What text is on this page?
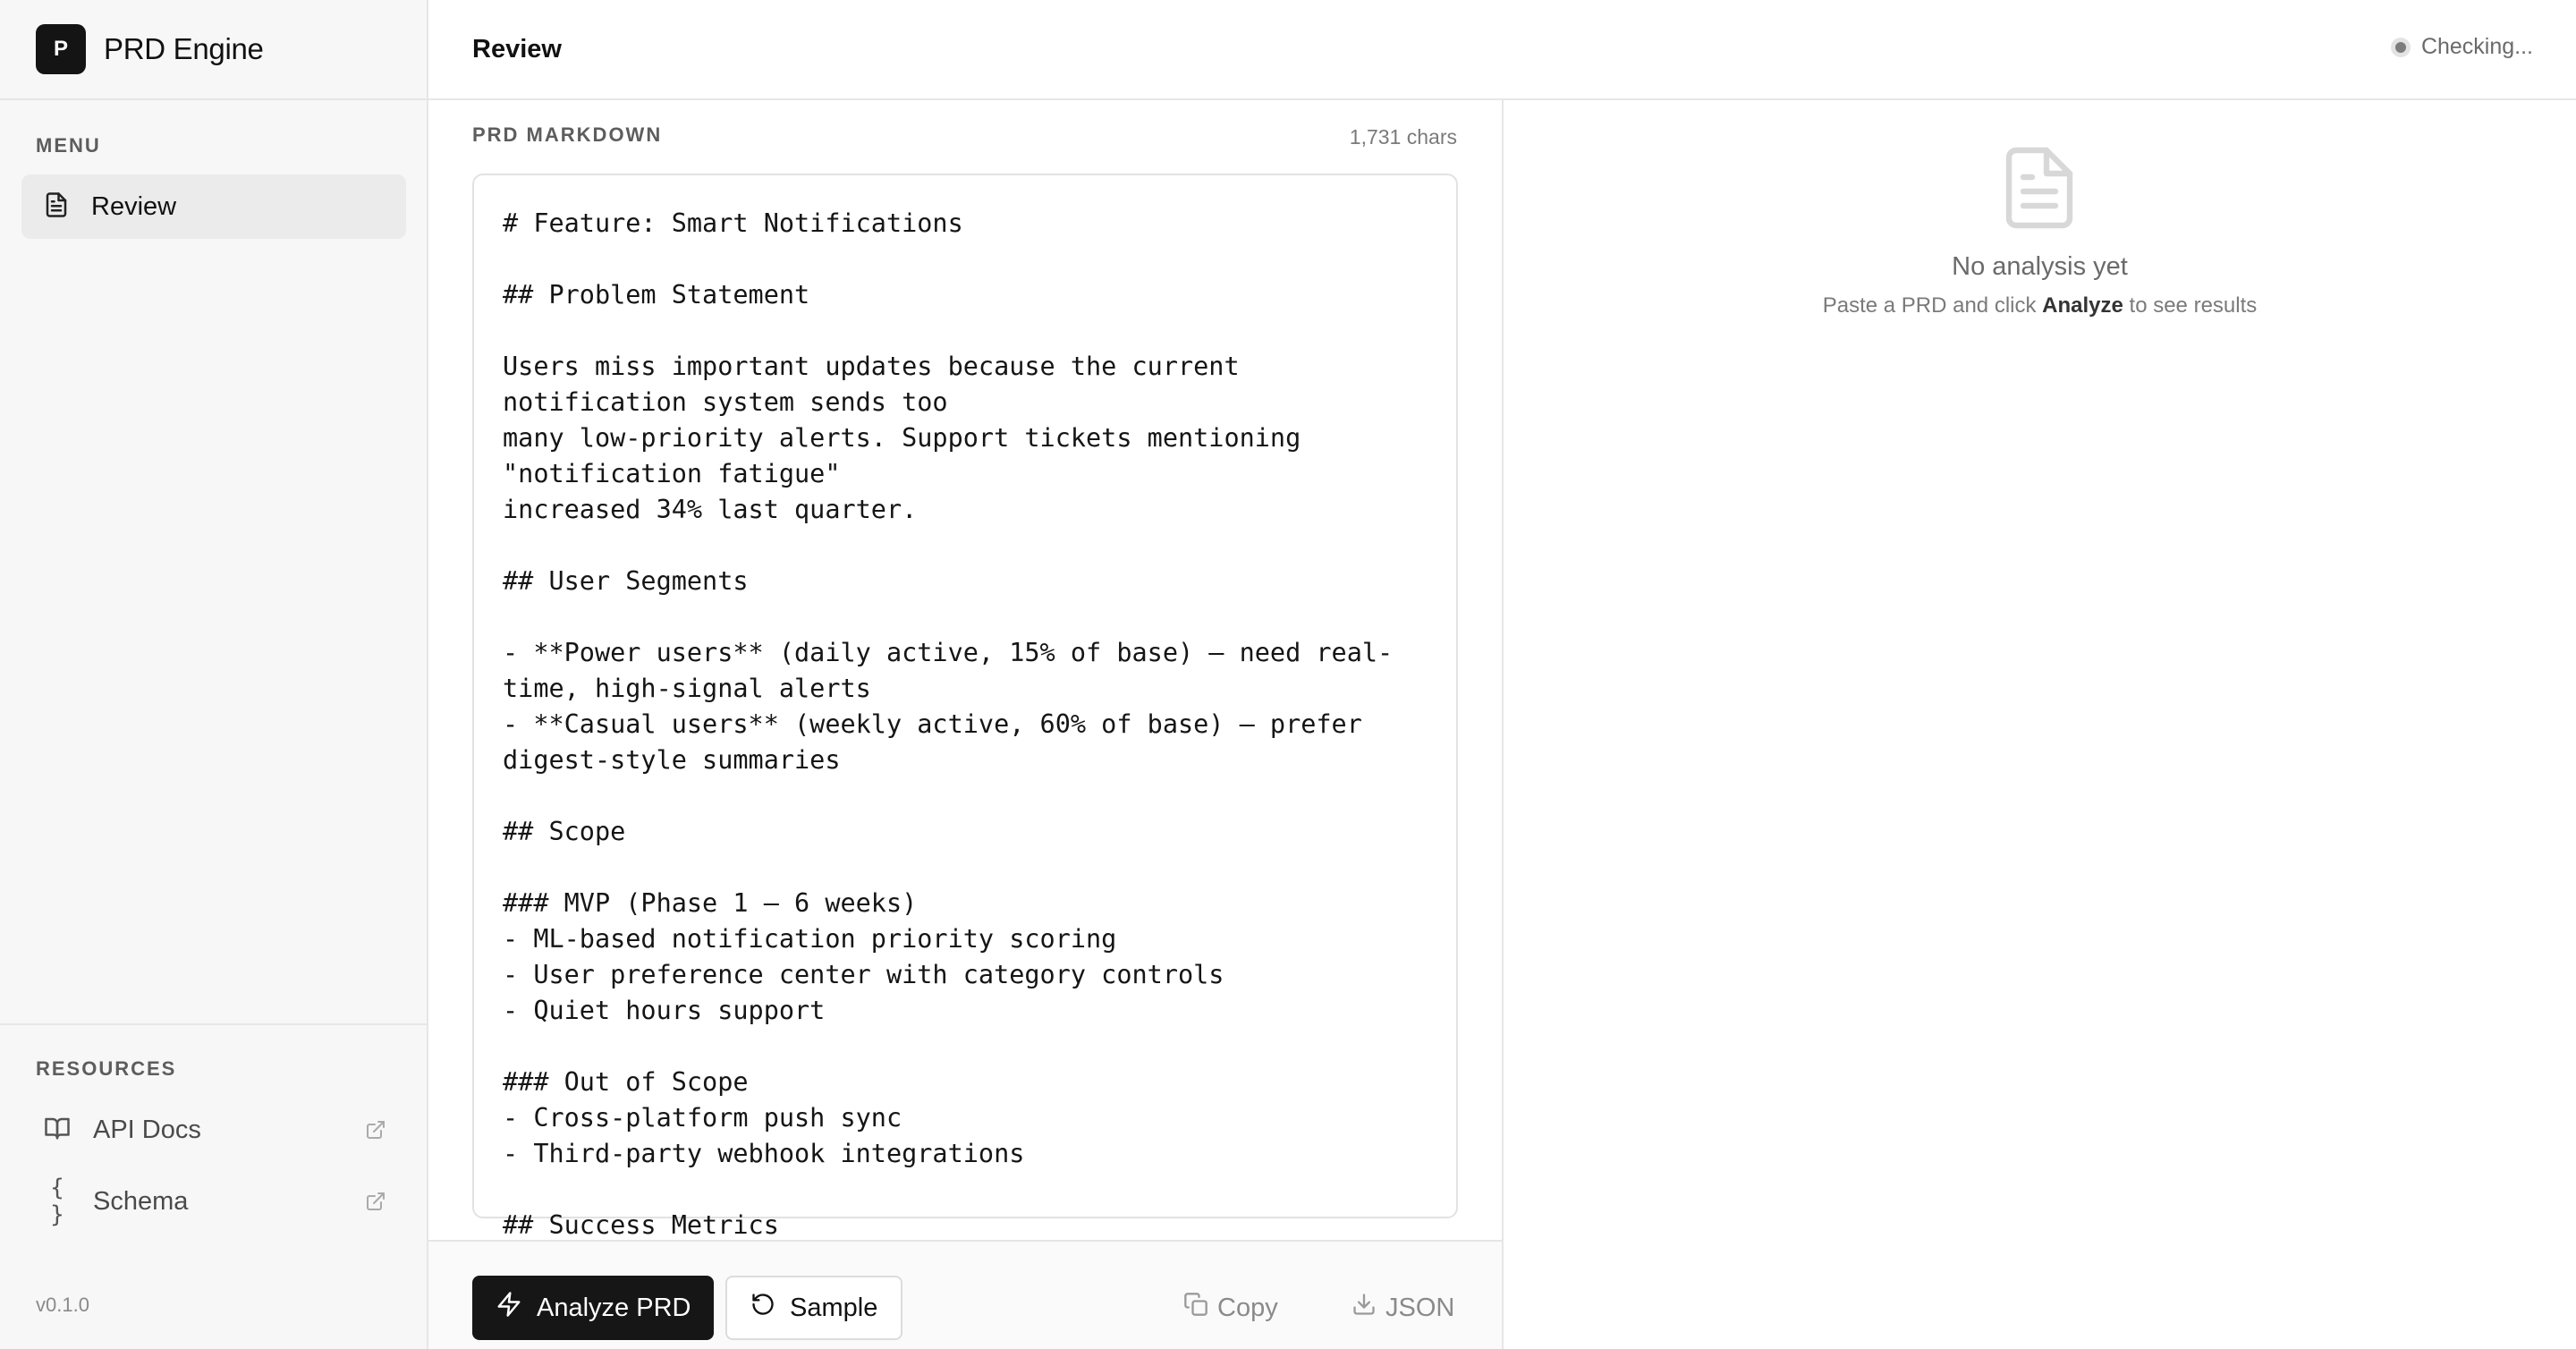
P	PRD Engine
MENU
Review
RESOURCES
API Docs
{ } Schema
v0.1.0
Review	Checking...
PRD MARKDOWN	1,731 chars
# Feature: Smart Notifications

## Problem Statement

Users miss important updates because the current notification system sends too
many low-priority alerts. Support tickets mentioning "notification fatigue"
increased 34% last quarter.

## User Segments

- **Power users** (daily active, 15% of base) — need real-time, high-signal alerts
- **Casual users** (weekly active, 60% of base) — prefer digest-style summaries

## Scope

### MVP (Phase 1 — 6 weeks)
- ML-based notification priority scoring
- User preference center with category controls
- Quiet hours support

### Out of Scope
- Cross-platform push sync
- Third-party webhook integrations

## Success Metrics
Analyze PRD	Sample	Copy	JSON
No analysis yet
Paste a PRD and click Analyze to see results
